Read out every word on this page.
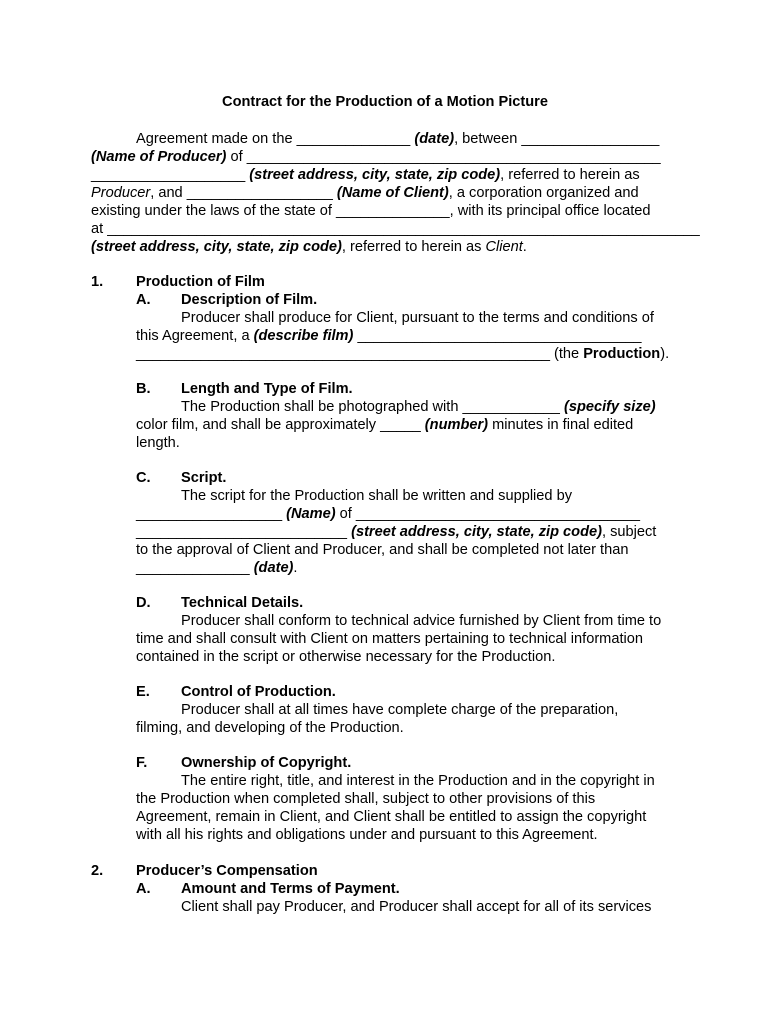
Contract for the Production of a Motion Picture
Agreement made on the ______________ (date), between _________________
(Name of Producer) of ___________________________________________________
___________________ (street address, city, state, zip code), referred to herein as
Producer, and __________________ (Name of Client), a corporation organized and
existing under the laws of the state of ______________, with its principal office located
at _________________________________________________________________________
(street address, city, state, zip code), referred to herein as Client.
1. Production of Film
A. Description of Film.
Producer shall produce for Client, pursuant to the terms and conditions of
this Agreement, a (describe film) ___________________________________
___________________________________________________ (the Production).
B. Length and Type of Film.
The Production shall be photographed with ____________ (specify size)
color film, and shall be approximately _____ (number) minutes in final edited
length.
C. Script.
The script for the Production shall be written and supplied by
__________________ (Name) of ___________________________________
__________________________ (street address, city, state, zip code), subject
to the approval of Client and Producer, and shall be completed not later than
______________ (date).
D. Technical Details.
Producer shall conform to technical advice furnished by Client from time to
time and shall consult with Client on matters pertaining to technical information
contained in the script or otherwise necessary for the Production.
E. Control of Production.
Producer shall at all times have complete charge of the preparation,
filming, and developing of the Production.
F. Ownership of Copyright.
The entire right, title, and interest in the Production and in the copyright in
the Production when completed shall, subject to other provisions of this
Agreement, remain in Client, and Client shall be entitled to assign the copyright
with all his rights and obligations under and pursuant to this Agreement.
2. Producer’s Compensation
A. Amount and Terms of Payment.
Client shall pay Producer, and Producer shall accept for all of its services
